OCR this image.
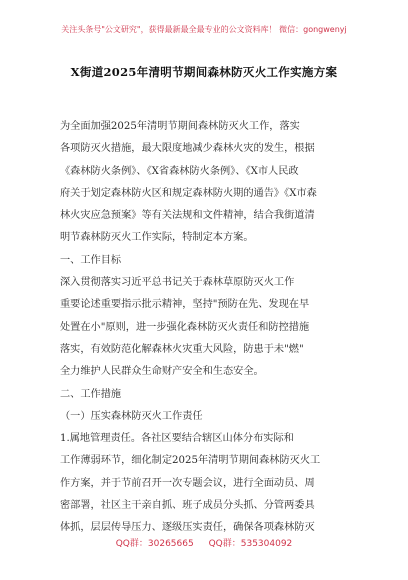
关注头条号"公文研究"，获得最新最全最专业的公文资料库！ 微信：gongwenyj
X街道2025年清明节期间森林防灭火工作实施方案
为全面加强2025年清明节期间森林防灭火工作，落实
各项防灭火措施，最大限度地减少森林火灾的发生，根据
《森林防火条例》、《X省森林防火条例》、《X市人民政
府关于划定森林防火区和规定森林防火期的通告》《X市森
林火灾应急预案》等有关法规和文件精神，结合我街道清
明节森林防灭火工作实际，特制定本方案。
一、工作目标
深入贯彻落实习近平总书记关于森林草原防灭火工作
重要论述重要指示批示精神，坚持"预防在先、发现在早
处置在小"原则，进一步强化森林防灭火责任和防控措施
落实，有效防范化解森林火灾重大风险，防患于未"燃"
全力维护人民群众生命财产安全和生态安全。
二、工作措施
（一）压实森林防灭火工作责任
1.属地管理责任。各社区要结合辖区山体分布实际和
工作薄弱环节，细化制定2025年清明节期间森林防灭火工
作方案，并于节前召开一次专题会议，进行全面动员、周
密部署，社区主干亲自抓、班子成员分头抓、分管两委具
体抓，层层传导压力、逐级压实责任，确保各项森林防灭
QQ群：30265665 QQ群：535304092
